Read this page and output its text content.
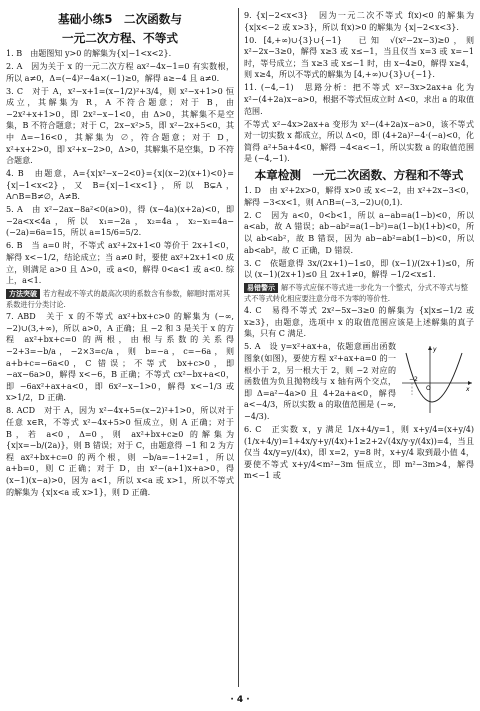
基础小练5　二次函数与
一元二次方程、不等式

1. B　由题图知 y>0 的解集为{x|−1<x<2}.

2. A　因为关于 x 的一元二次方程 ax²−4x−1=0 有实数根，所以 a≠0，Δ=(−4)²−4a×(−1)≥0，解得 a≥−4 且 a≠0.

3. C　对于 A，x²−x+1=(x−1/2)²+3/4，则 x²−x+1>0 恒成立，其解集为 R，A 不符合题意；对于 B，由 −2x²+x+1>0，即 2x²−x−1<0，由 Δ>0，其解集不是空集，B 不符合题意；对于 C，2x−x²>5，即 x²−2x+5<0，其中 Δ=−16<0，其解集为 ∅，符合题意；对于 D，x²+x+2>0，即 x²+x−2>0，Δ>0，其解集不是空集，D 不符合题意.

4. B　由题意，A={x|x²−x−2<0}={x|(x−2)(x+1)<0}={x|−1<x<2}，又 B={x|−1<x<1}，所以 B⊊A，A∩B=B≠∅，A≠B.

5. A　由 x²−2ax−8a²<0(a>0)，得 (x−4a)(x+2a)<0，即 −2a<x<4a，所以 x₁=−2a，x₂=4a，x₂−x₁=4a−(−2a)=6a=15，所以 a=15/6=5/2.

6. B　当 a=0 时，不等式 ax²+2x+1<0 等价于 2x+1<0，解得 x<−1/2，结论成立；当 a≠0 时，要使 ax²+2x+1<0 成立，则满足 a>0 且 Δ>0，或 a<0，解得 0<a<1 或 a<0. 综上，a<1.

方法突破 若方程或不等式的最高次项的系数含有参数，解题时需对其系数进行分类讨论.

7. ABD　关于 x 的不等式 ax²+bx+c>0 的解集为 (−∞,−2)∪(3,+∞)，所以 a>0，A 正确；且 −2 和 3 是关于 x 的方程 ax²+bx+c=0 的两根，由根与系数的关系得 −2+3=−b/a，−2×3=c/a，则 b=−a，c=−6a，则 a+b+c=−6a<0，C 错误；不等式 bx+c>0，即 −ax−6a>0，解得 x<−6，B 正确；不等式 cx²−bx+a<0，即 −6ax²+ax+a<0，即 6x²−x−1>0，解得 x<−1/3 或 x>1/2，D 正确.

8. ACD　对于 A，因为 x²−4x+5=(x−2)²+1>0，所以对于任意 x∈R，不等式 x²−4x+5>0 恒成立，则 A 正确；对于 B，若 a<0，Δ=0，则 ax²+bx+c≥0 的解集为 {x|x=−b/(2a)}，则 B 错误；对于 C，由题意得 −1 和 2 为方程 ax²+bx+c=0 的两个根，则 −b/a=−1+2=1，所以 a+b=0，则 C 正确；对于 D，由 x²−(a+1)x+a>0，得 (x−1)(x−a)>0，因为 a<1，所以 x<a 或 x>1，所以不等式的解集为 {x|x<a 或 x>1}，则 D 正确.

9. {x|−2<x<3}　因为一元二次不等式 f(x)<0 的解集为 {x|x<−2 或 x>3}，所以 f(x)>0 的解集为 {x|−2<x<3}.

10. [4,+∞)∪{3}∪{−1}　已知 √(x²−2x−3)≥0，则 x²−2x−3≥0，解得 x≥3 或 x≤−1，当且仅当 x=3 或 x=−1 时，等号成立；当 x≥3 或 x≤−1 时，由 x−4≥0，解得 x≥4，则 x≥4，所以不等式的解集为 [4,+∞)∪{3}∪{−1}.

11. (−4,−1)　思路分析：把不等式 x²−3x>2ax+a 化为 x²−(4+2a)x−a>0，根据不等式恒成立时 Δ<0，求出 a 的取值范围.

不等式 x²−4x>2ax+a 变形为 x²−(4+2a)x−a>0，该不等式对一切实数 x 都成立，所以 Δ<0，即 (4+2a)²−4·(−a)<0，化简得 a²+5a+4<0，解得 −4<a<−1，所以实数 a 的取值范围是 (−4,−1).

本章检测　一元二次函数、方程和不等式

1. D　由 x²+2x>0，解得 x>0 或 x<−2，由 x²+2x−3<0，解得 −3<x<1，则 A∩B=(−3,−2)∪(0,1).

2. C　因为 a<0，0<b<1，所以 a−ab=a(1−b)<0，所以 a<ab，故 A 错误；ab−ab²=a(1−b²)=a(1−b)(1+b)<0，所以 ab<ab²，故 B 错误，因为 ab−ab²=ab(1−b)<0，所以 ab<ab²，故 C 正确，D 错误.

3. C　依题意得 3x/(2x+1)−1≤0，即 (x−1)/(2x+1)≤0，所以 (x−1)(2x+1)≤0 且 2x+1≠0，解得 −1/2<x≤1.

易错警示 解不等式应保不等式进一步化为一个整式，分式不等式与整式不等式转化相应要注意分母不为零的等价性.

4. C　易得不等式 2x²−5x−3≥0 的解集为 {x|x≤−1/2 或 x≥3}，由题意，选项中 x 的取值范围应该是上述解集的真子集，只有 C 满足.

−2
O	x
y

5. A　设 y=x²+ax+a，依题意画出函数图象(如图)，要使方程 x²+ax+a=0 的一根小于 2，另一根大于 2，则 −2 对应的函数值为负且抛物线与 x 轴有两个交点，即 Δ=a²−4a>0 且 4+2a+a<0，解得 a<−4/3，所以实数 a 的取值范围是 (−∞,−4/3).

6. C　正实数 x，y 满足 1/x+4/y=1，则 x+y/4=(x+y/4)(1/x+4/y)=1+4x/y+y/(4x)+1≥2+2√(4x/y·y/(4x))=4，当且仅当 4x/y=y/(4x)，即 x=2，y=8 时，x+y/4 取到最小值 4，要使不等式 x+y/4<m²−3m 恒成立，即 m²−3m>4，解得 m<−1 或

· 4 ·
